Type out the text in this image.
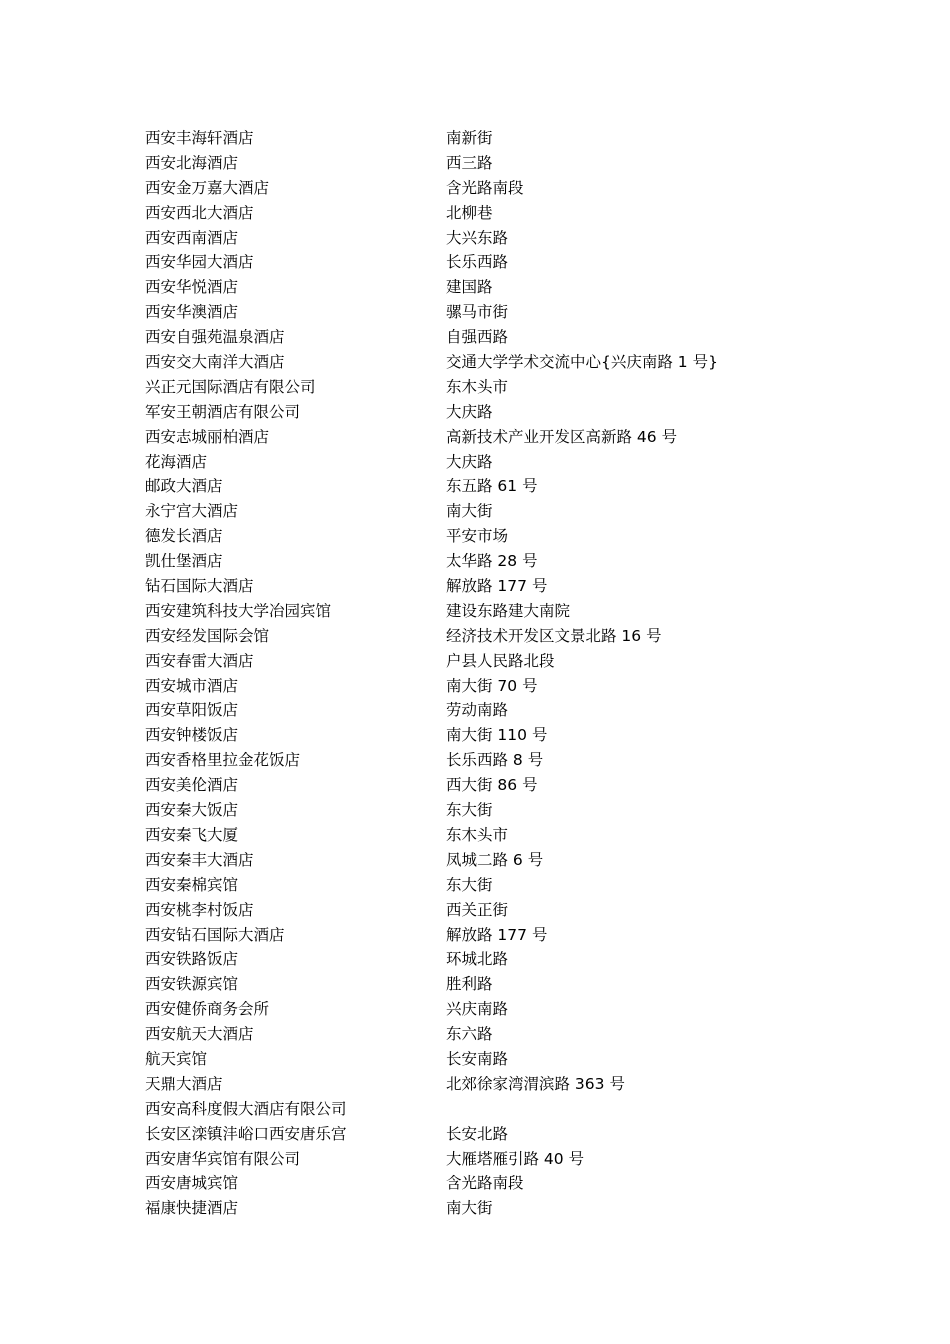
西安丰海轩酒店	南新街
西安北海酒店	西三路
西安金万嘉大酒店	含光路南段
西安西北大酒店	北柳巷
西安西南酒店	大兴东路
西安华园大酒店	长乐西路
西安华悦酒店	建国路
西安华澳酒店	骡马市街
西安自强苑温泉酒店	自强西路
西安交大南洋大酒店	交通大学学术交流中心{兴庆南路 1 号}
兴正元国际酒店有限公司	东木头市
军安王朝酒店有限公司	大庆路
西安志城丽柏酒店	高新技术产业开发区高新路 46 号
花海酒店	大庆路
邮政大酒店	东五路 61 号
永宁宫大酒店	南大街
德发长酒店	平安市场
凯仕堡酒店	太华路 28 号
钻石国际大酒店	解放路 177 号
西安建筑科技大学冶园宾馆	建设东路建大南院
西安经发国际会馆	经济技术开发区文景北路 16 号
西安春雷大酒店	户县人民路北段
西安城市酒店	南大街 70 号
西安草阳饭店	劳动南路
西安钟楼饭店	南大街 110 号
西安香格里拉金花饭店	长乐西路 8 号
西安美伦酒店	西大街 86 号
西安秦大饭店	东大街
西安秦飞大厦	东木头市
西安秦丰大酒店	凤城二路 6 号
西安秦棉宾馆	东大街
西安桃李村饭店	西关正街
西安钻石国际大酒店	解放路 177 号
西安铁路饭店	环城北路
西安铁源宾馆	胜利路
西安健侨商务会所	兴庆南路
西安航天大酒店	东六路
航天宾馆	长安南路
天鼎大酒店	北郊徐家湾渭滨路 363 号
西安高科度假大酒店有限公司
长安区滦镇沣峪口西安唐乐宫	长安北路
西安唐华宾馆有限公司	大雁塔雁引路 40 号
西安唐城宾馆	含光路南段
福康快捷酒店	南大街
